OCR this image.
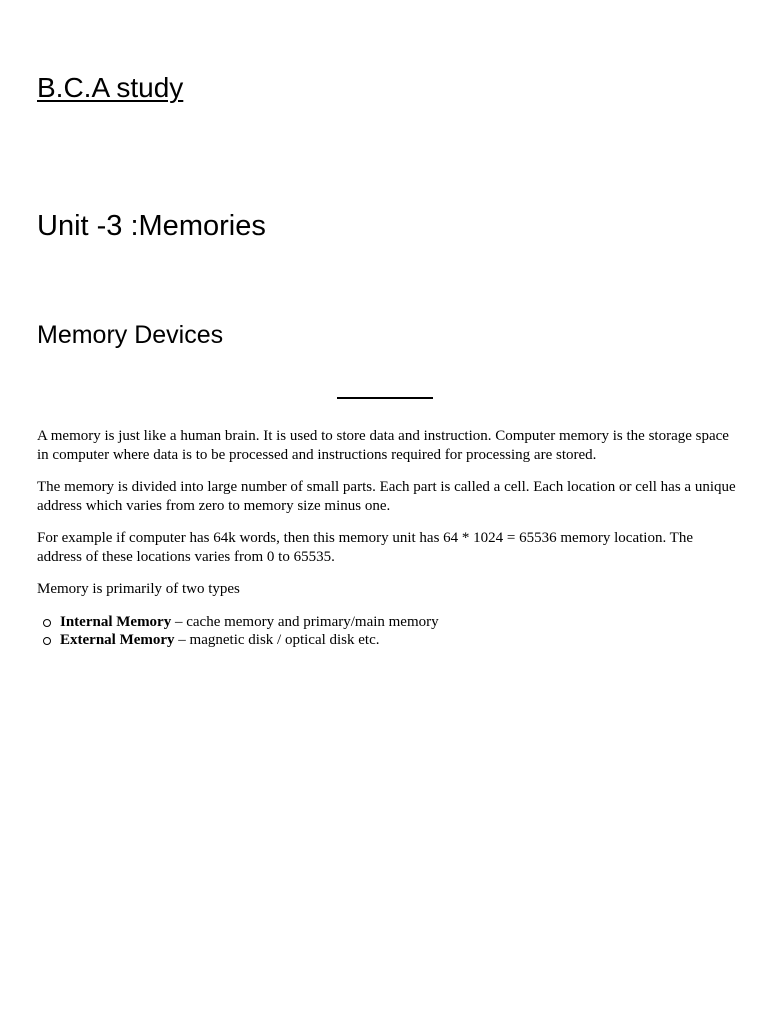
B.C.A study
Unit -3 :Memories
Memory Devices

A memory is just like a human brain. It is used to store data and instruction. Computer memory is the storage space in computer where data is to be processed and instructions required for processing are stored.

The memory is divided into large number of small parts. Each part is called a cell. Each location or cell has a unique address which varies from zero to memory size minus one.

For example if computer has 64k words, then this memory unit has 64 * 1024 = 65536 memory location. The address of these locations varies from 0 to 65535.

Memory is primarily of two types

Internal Memory – cache memory and primary/main memory
External Memory – magnetic disk / optical disk etc.
